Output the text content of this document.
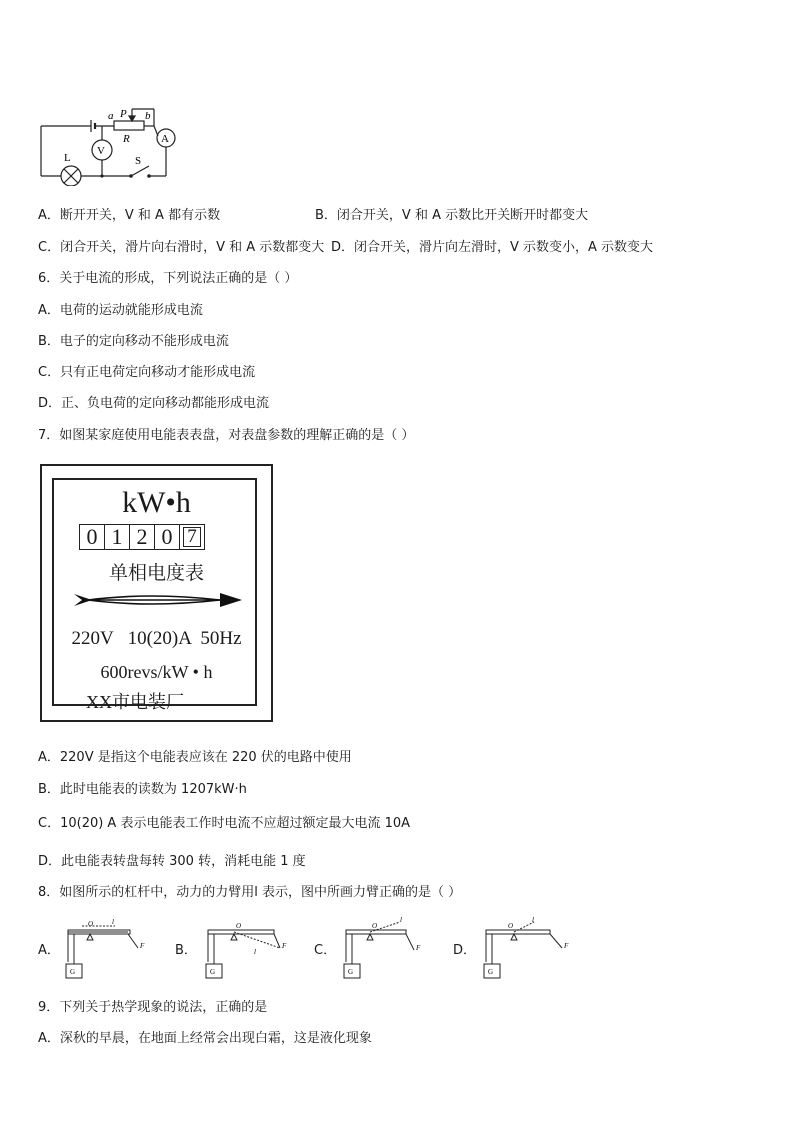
a P b
R
L
V
A
S
A．断开开关，V 和 A 都有示数	B．闭合开关，V 和 A 示数比开关断开时都变大
C．闭合开关，滑片向右滑时，V 和 A 示数都变大 D．闭合开关，滑片向左滑时，V 示数变小，A 示数变大
6．关于电流的形成，下列说法正确的是（ ）
A．电荷的运动就能形成电流
B．电子的定向移动不能形成电流
C．只有正电荷定向移动才能形成电流
D．正、负电荷的定向移动都能形成电流
7．如图某家庭使用电能表表盘，对表盘参数的理解正确的是（ ）
kW•h
0 1 2 0 7
单相电度表
220V   10(20)A  50Hz
600revs/kW • h
XX市电装厂
A．220V 是指这个电能表应该在 220 伏的电路中使用
B．此时电能表的读数为 1207kW·h
C．10(20) A 表示电能表工作时电流不应超过额定最大电流 10A
D．此电能表转盘每转 300 转，消耗电能 1 度
8．如图所示的杠杆中，动力的力臂用l 表示，图中所画力臂正确的是（ ）
A．
O	l
F
G
B．
O
l
F
G
C．
O
l
F
G
D．
O
l
F
G
9．下列关于热学现象的说法，正确的是
A．深秋的早晨，在地面上经常会出现白霜，这是液化现象
